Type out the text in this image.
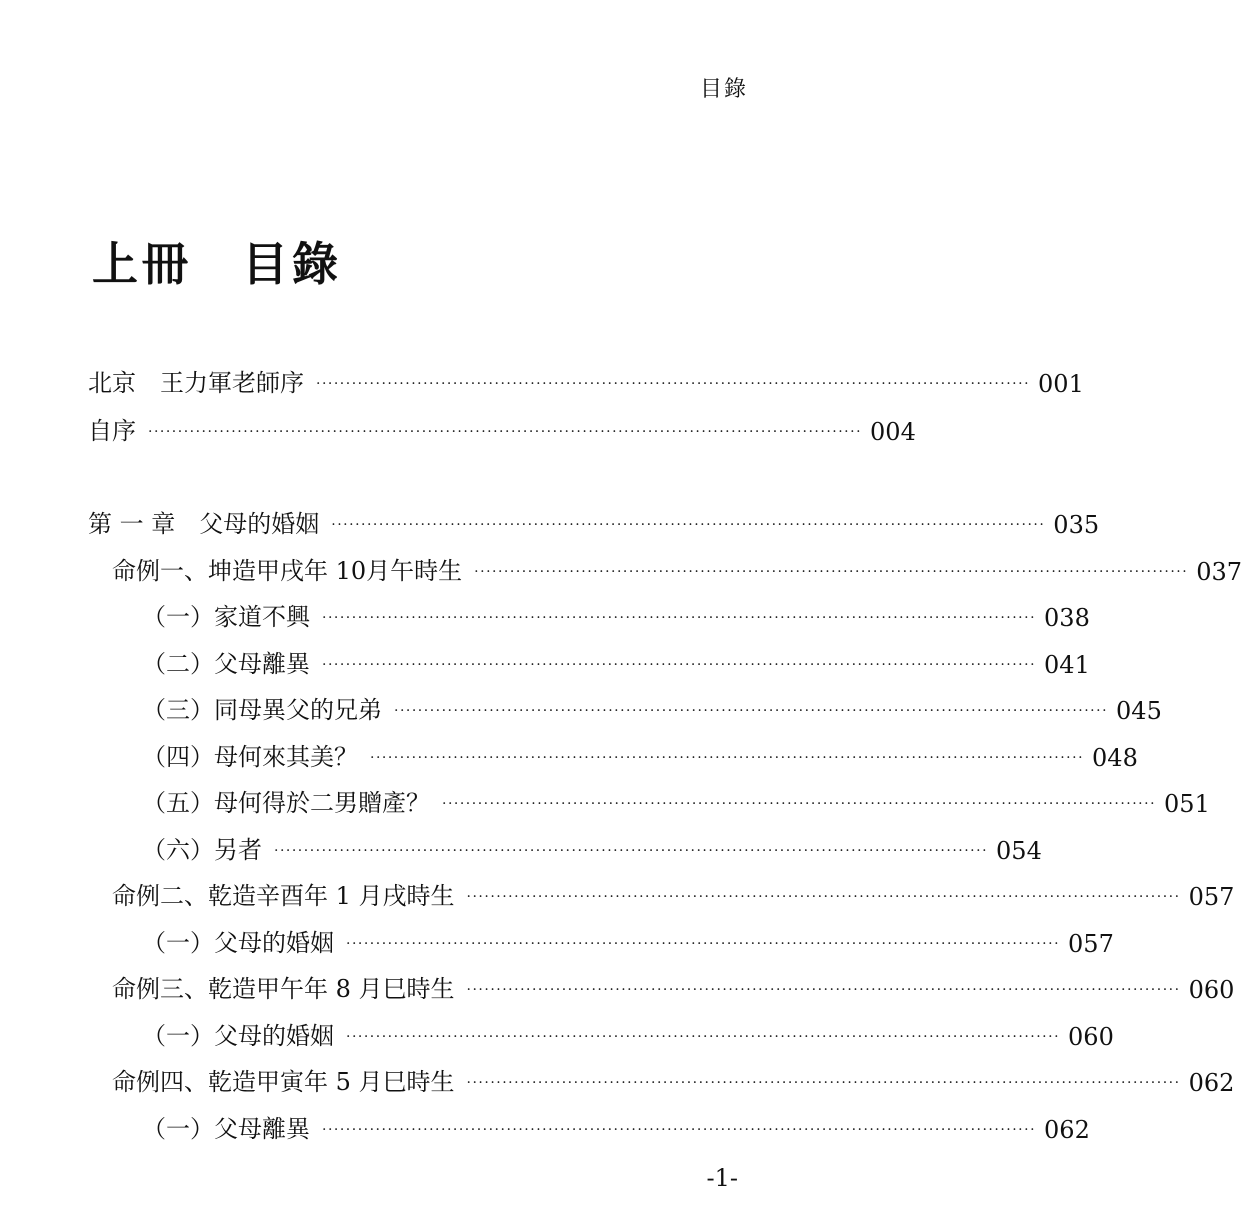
目錄
上冊　目錄
北京　王力軍老師序 ························································································································ 001
自序 ························································································································ 004
第 一 章　父母的婚姻 ························································································································ 035
命例一、坤造甲戌年 10月午時生 ························································································································ 037
（一）家道不興 ························································································································ 038
（二）父母離異 ························································································································ 041
（三）同母異父的兄弟 ························································································································ 045
（四）母何來其美？ ························································································································ 048
（五）母何得於二男贈產？ ························································································································ 051
（六）另者 ························································································································ 054
命例二、乾造辛酉年 1 月戌時生 ························································································································ 057
（一）父母的婚姻 ························································································································ 057
命例三、乾造甲午年 8 月巳時生 ························································································································ 060
（一）父母的婚姻 ························································································································ 060
命例四、乾造甲寅年 5 月巳時生 ························································································································ 062
（一）父母離異 ························································································································ 062
-1-
